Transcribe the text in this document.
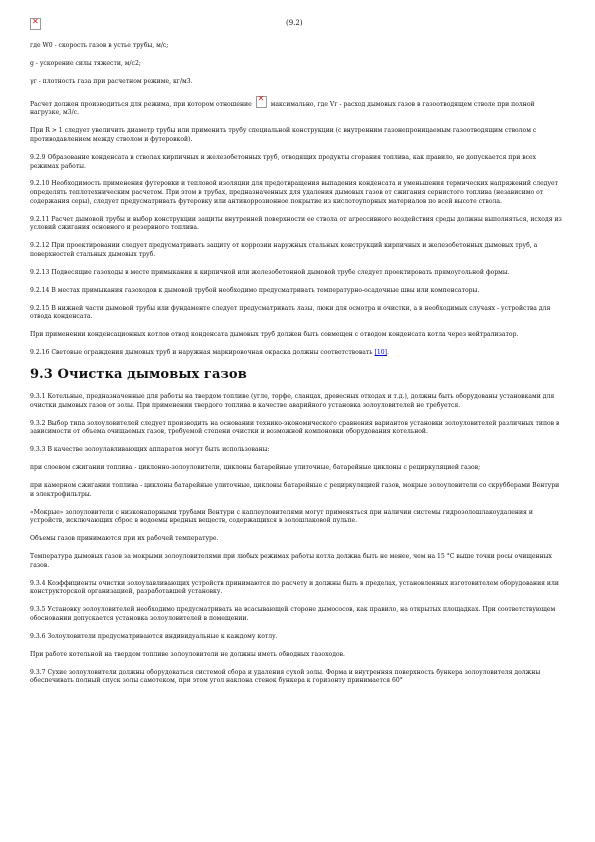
✕
(9.2)

где W0 - скорость газов в устье трубы, м/с;

g - ускорение силы тяжести, м/с2;

γг - плотность газа при расчетном режиме, кг/м3.

Расчет должен производиться для режима, при котором отношение ✕	максимально, где Vг - расход дымовых газов в газоотводящем стволе при полной нагрузке, м3/с.

При R > 1 следует увеличить диаметр трубы или применить трубу специальной конструкции (с внутренним газонепроницаемым газоотводящим стволом с противодавлением между стволом и футеровкой).

9.2.9 Образование конденсата в стволах кирпичных и железобетонных труб, отводящих продукты сгорания топлива, как правило, не допускается при всех режимах работы.

9.2.10 Необходимость применения футеровки и тепловой изоляции для предотвращения выпадения конденсата и уменьшения термических напряжений следует определять теплотехническим расчетом. При этом в трубах, предназначенных для удаления дымовых газов от сжигания сернистого топлива (независимо от содержания серы), следует предусматривать футеровку или антикоррозионное покрытие из кислотоупорных материалов по всей высоте ствола.

9.2.11 Расчет дымовой трубы и выбор конструкции защиты внутренней поверхности ее ствола от агрессивного воздействия среды должны выполняться, исходя из условий сжигания основного и резервного топлива.

9.2.12 При проектировании следует предусматривать защиту от коррозии наружных стальных конструкций кирпичных и железобетонных дымовых труб, а поверхностей стальных дымовых труб.

9.2.13 Подвесящие газоходы в месте примыкания к кирпичной или железобетонной дымовой трубе следует проектировать прямоугольной формы.

9.2.14 В местах примыкания газоходов к дымовой трубой необходимо предусматривать температурно-осадочные швы или компенсаторы.

9.2.15 В нижней части дымовой трубы или фундаменте следует предусматривать лазы, люки для осмотра и очистки, а в необходимых случаях - устройства для отвода конденсата.

При применении конденсационных котлов отвод конденсата дымовых труб должен быть совмещен с отводом конденсата котла через нейтрализатор.

9.2.16 Световые ограждения дымовых труб и наружная маркировочная окраска должны соответствовать [10].

9.3 Очистка дымовых газов

9.3.1 Котельные, предназначенные для работы на твердом топливе (угле, торфе, сланцах, древесных отходах и т.д.), должны быть оборудованы установками для очистки дымовых газов от золы. При применении твердого топлива в качестве аварийного установка золоуловителей не требуется.

9.3.2 Выбор типа золоуловителей следует производить на основании технико-экономического сравнения вариантов установки золоуловителей различных типов в зависимости от объема очищаемых газов, требуемой степени очистки и возможной компоновки оборудования котельной.

9.3.3 В качестве золоулавливающих аппаратов могут быть использованы:

при слоевом сжигании топлива - циклонно-золоуловители, циклоны батарейные улиточные, батарейные циклоны с рециркуляцией газов;

при камерном сжигании топлива - циклоны батарейные улиточные, циклоны батарейные с рециркуляцией газов, мокрые золоуловители со скрубберами Вентури и электрофильтры.

«Мокрые» золоуловители с низконапорными трубами Вентури с каплеуловителями могут применяться при наличии системы гидрозолошлакоудаления и устройств, исключающих сброс в водоемы вредных веществ, содержащихся в золошлаковой пульпе.

Объемы газов принимаются при их рабочей температуре.

Температура дымовых газов за мокрыми золоуловителями при любых режимах работы котла должна быть не менее, чем на 15 °С выше точки росы очищенных газов.

9.3.4 Коэффициенты очистки золоулавливающих устройств принимаются по расчету и должны быть в пределах, установленных изготовителем оборудования или конструкторской организацией, разработавшей установку.

9.3.5 Установку золоуловителей необходимо предусматривать на всасывающей стороне дымососов, как правило, на открытых площадках. При соответствующем обосновании допускается установка золоуловителей в помещении.

9.3.6 Золоуловители предусматриваются индивидуальные к каждому котлу.

При работе котельной на твердом топливе золоуловители не должны иметь обводных газоходов.

9.3.7 Сухие золоуловители должны оборудоваться системой сбора и удаления сухой золы. Форма и внутренняя поверхность бункера золоуловителя должны обеспечивать полный спуск золы самотеком, при этом угол наклона стенок бункера к горизонту принимается 60°
